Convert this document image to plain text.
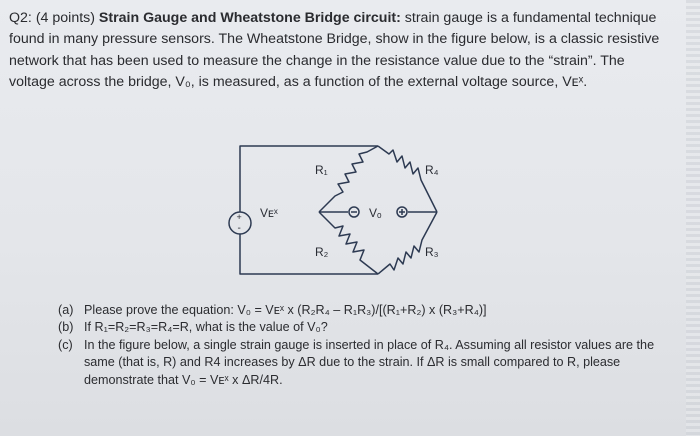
Q2: (4 points) Strain Gauge and Wheatstone Bridge circuit: strain gauge is a fundamental technique

found in many pressure sensors. The Wheatstone Bridge, show in the figure below, is a classic resistive

network that has been used to measure the change in the resistance value due to the “strain”. The

voltage across the bridge, V₀, is measured, as a function of the external voltage source, Vᴇˣ.

+
-
Vᴇˣ
R₁	R₄
R₂	R₃
Vₒ
(a) Please prove the equation: V₀ = Vᴇˣ x (R₂R₄ – R₁R₃)/[(R₁+R₂) x (R₃+R₄)]
(b) If R₁=R₂=R₃=R₄=R, what is the value of V₀?
(c) In the figure below, a single strain gauge is inserted in place of R₄. Assuming all resistor values are the same (that is, R) and R4 increases by ΔR due to the strain. If ΔR is small compared to R, please demonstrate that V₀ = Vᴇˣ x ΔR/4R.
